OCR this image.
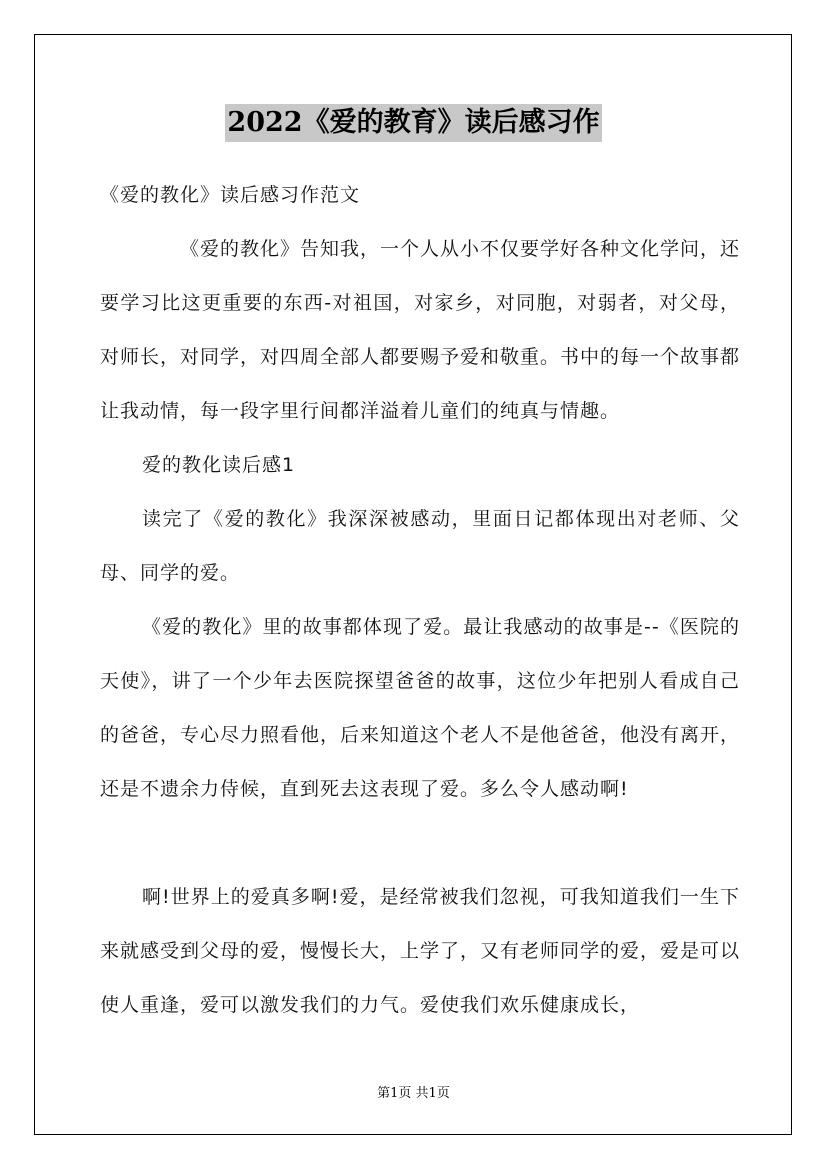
2022《爱的教育》读后感习作

《爱的教化》读后感习作范文

《爱的教化》告知我，一个人从小不仅要学好各种文化学问，还要学习比这更重要的东西-对祖国，对家乡，对同胞，对弱者，对父母，对师长，对同学，对四周全部人都要赐予爱和敬重。书中的每一个故事都让我动情，每一段字里行间都洋溢着儿童们的纯真与情趣。

爱的教化读后感1

读完了《爱的教化》我深深被感动，里面日记都体现出对老师、父母、同学的爱。

《爱的教化》里的故事都体现了爱。最让我感动的故事是--《医院的天使》，讲了一个少年去医院探望爸爸的故事，这位少年把别人看成自己的爸爸，专心尽力照看他，后来知道这个老人不是他爸爸，他没有离开，还是不遗余力侍候，直到死去这表现了爱。多么令人感动啊!

啊!世界上的爱真多啊!爱，是经常被我们忽视，可我知道我们一生下来就感受到父母的爱，慢慢长大，上学了，又有老师同学的爱，爱是可以使人重逢，爱可以激发我们的力气。爱使我们欢乐健康成长，

第1页 共1页
